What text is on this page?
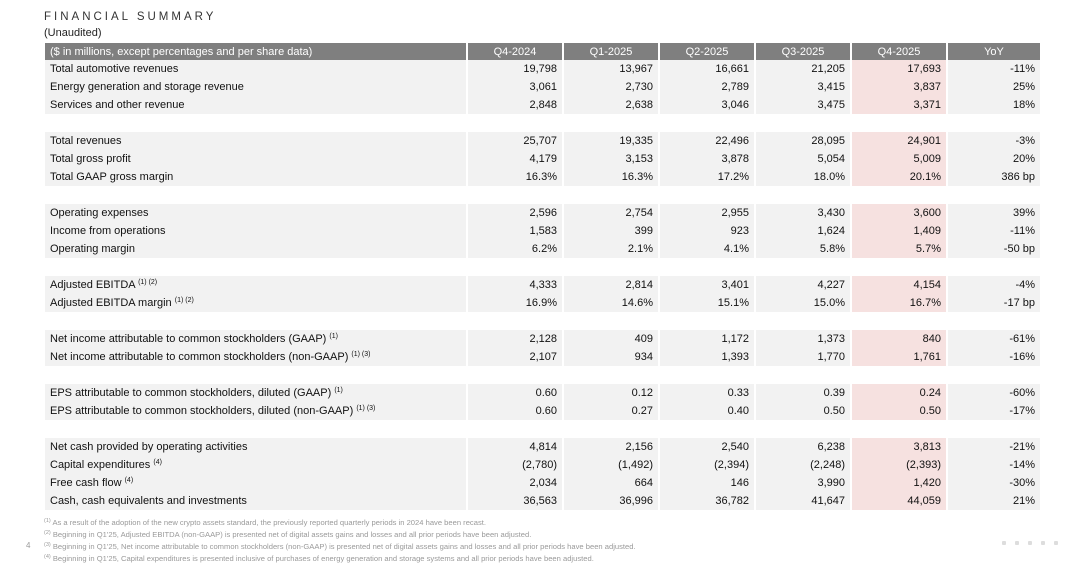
FINANCIAL SUMMARY
(Unaudited)
($ in millions, except percentages and per share data)	Q4-2024	Q1-2025	Q2-2025	Q3-2025	Q4-2025	YoY
Total automotive revenues	19,798	13,967	16,661	21,205	17,693	-11%
Energy generation and storage revenue	3,061	2,730	2,789	3,415	3,837	25%
Services and other revenue	2,848	2,638	3,046	3,475	3,371	18%

Total revenues	25,707	19,335	22,496	28,095	24,901	-3%
Total gross profit	4,179	3,153	3,878	5,054	5,009	20%
Total GAAP gross margin	16.3%	16.3%	17.2%	18.0%	20.1%	386 bp

Operating expenses	2,596	2,754	2,955	3,430	3,600	39%
Income from operations	1,583	399	923	1,624	1,409	-11%
Operating margin	6.2%	2.1%	4.1%	5.8%	5.7%	-50 bp

Adjusted EBITDA $^{(1) (2)}$	4,333	2,814	3,401	4,227	4,154	-4%
Adjusted EBITDA margin $^{(1) (2)}$	16.9%	14.6%	15.1%	15.0%	16.7%	-17 bp

Net income attributable to common stockholders (GAAP) $^{(1)}$	2,128	409	1,172	1,373	840	-61%
Net income attributable to common stockholders (non-GAAP) $^{(1) (3)}$	2,107	934	1,393	1,770	1,761	-16%

EPS attributable to common stockholders, diluted (GAAP) $^{(1)}$	0.60	0.12	0.33	0.39	0.24	-60%
EPS attributable to common stockholders, diluted (non-GAAP) $^{(1) (3)}$	0.60	0.27	0.40	0.50	0.50	-17%

Net cash provided by operating activities	4,814	2,156	2,540	6,238	3,813	-21%
Capital expenditures $^{(4)}$	(2,780)	(1,492)	(2,394)	(2,248)	(2,393)	-14%
Free cash flow $^{(4)}$	2,034	664	146	3,990	1,420	-30%
Cash, cash equivalents and investments	36,563	36,996	36,782	41,647	44,059	21%
$^{(1)}$ As a result of the adoption of the new crypto assets standard, the previously reported quarterly periods in 2024 have been recast.
$^{(2)}$ Beginning in Q1'25, Adjusted EBITDA (non-GAAP) is presented net of digital assets gains and losses and all prior periods have been adjusted.
$^{(3)}$ Beginning in Q1'25, Net income attributable to common stockholders (non-GAAP) is presented net of digital assets gains and losses and all prior periods have been adjusted.
$^{(4)}$ Beginning in Q1'25, Capital expenditures is presented inclusive of purchases of energy generation and storage systems and all prior periods have been adjusted.
4
